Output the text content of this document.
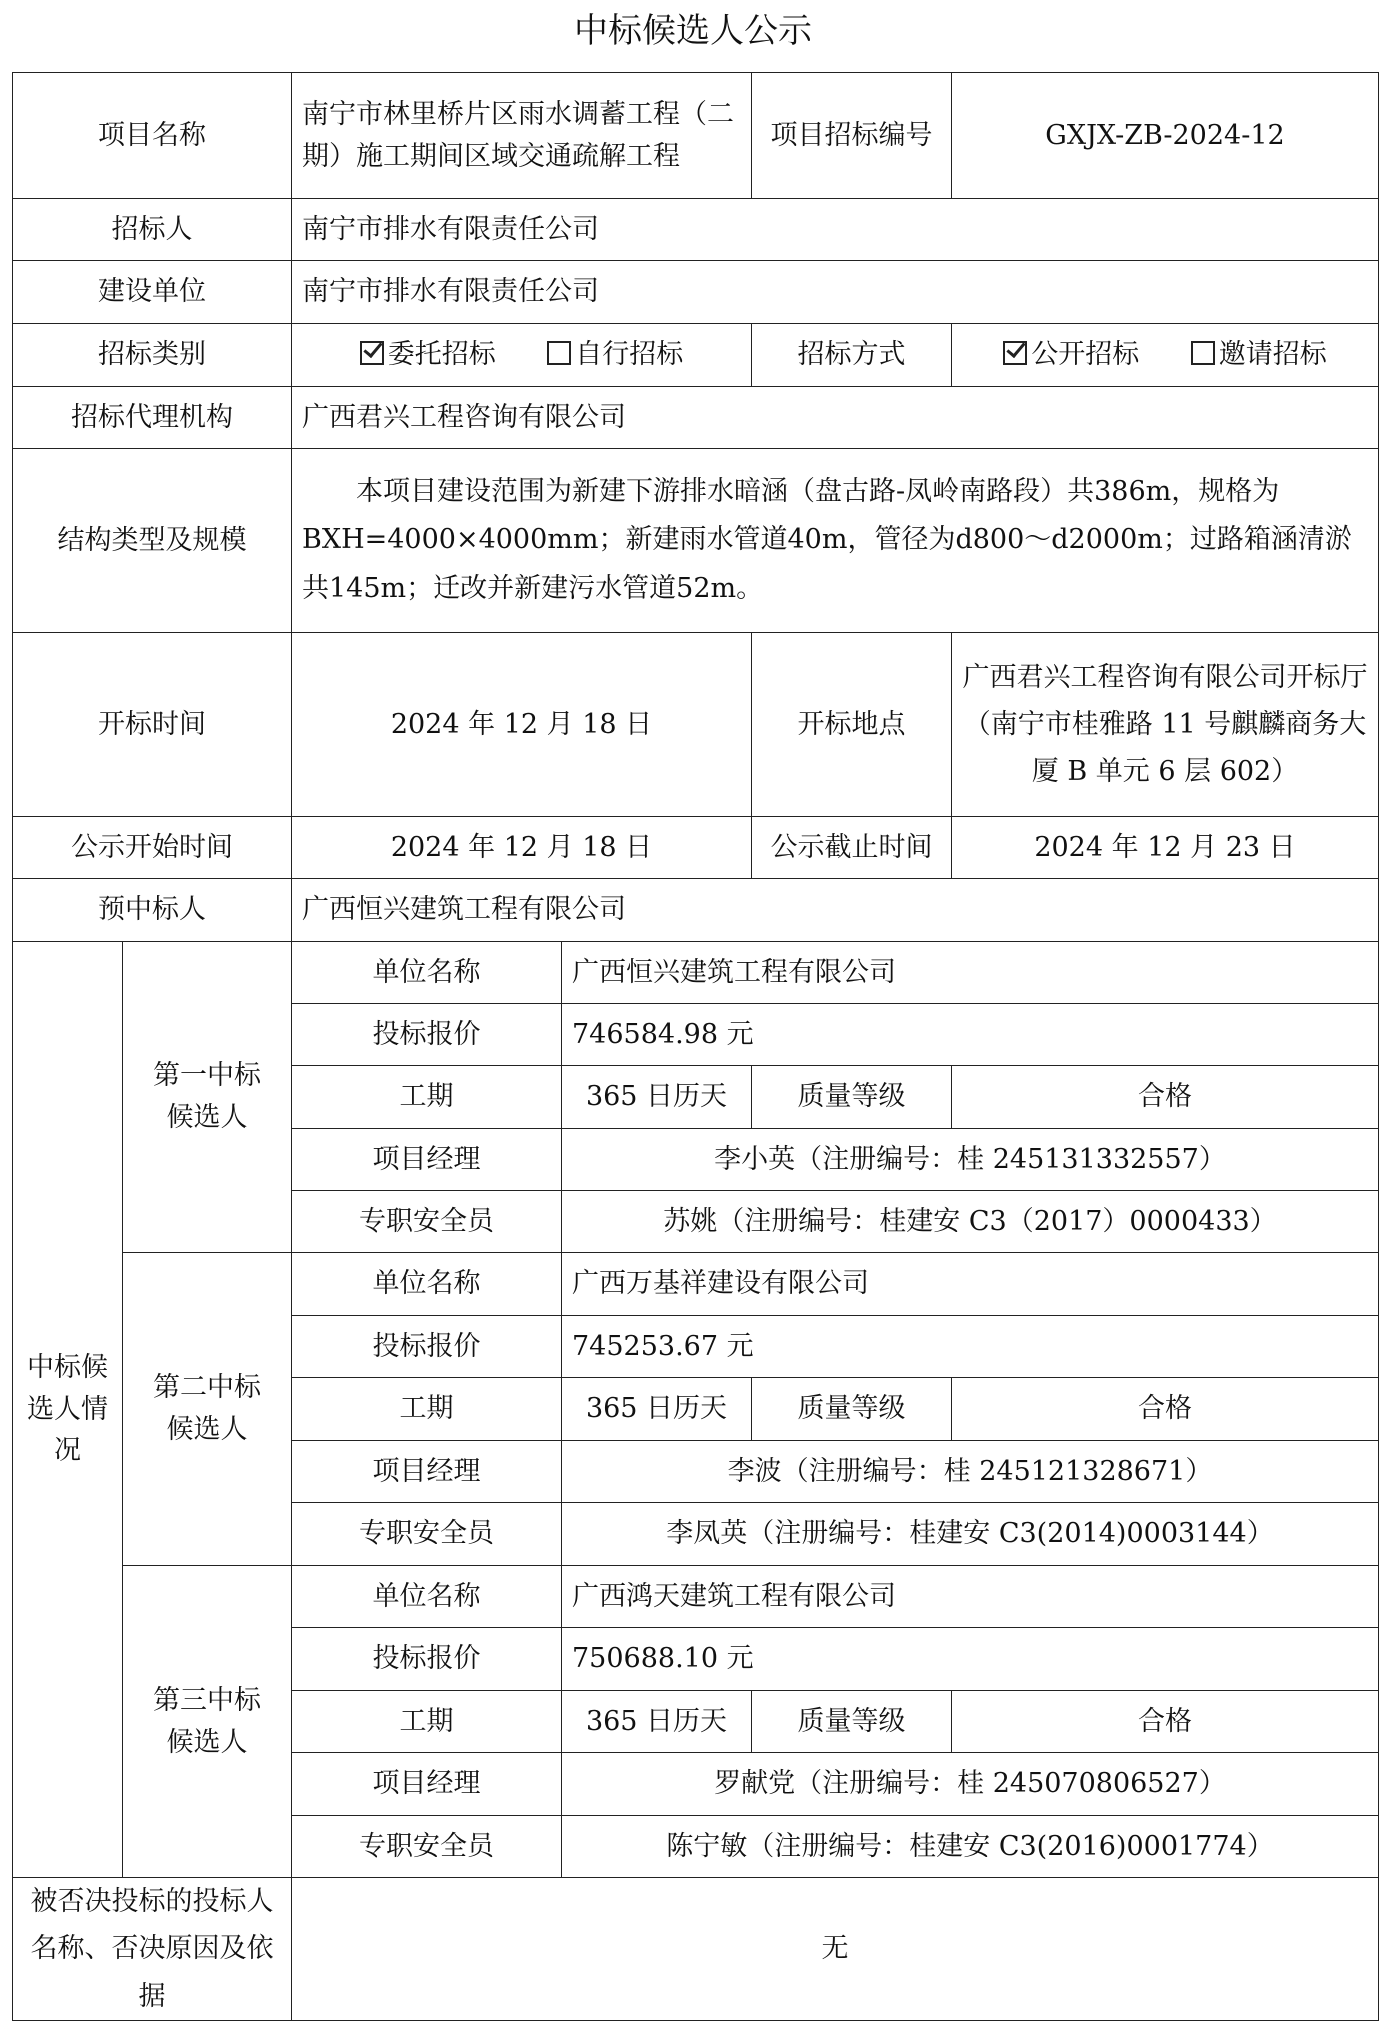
中标候选人公示
项目名称		南宁市林里桥片区雨水调蓄工程（二期）施工期间区域交通疏解工程		项目招标编号	GXJX-ZB-2024-12
招标人		南宁市排水有限责任公司			
建设单位		南宁市排水有限责任公司			
招标类别		委托招标 自行招标		招标方式	公开招标 邀请招标
招标代理机构		广西君兴工程咨询有限公司			
结构类型及规模		本项目建设范围为新建下游排水暗涵（盘古路-凤岭南路段）共386m，规格为BXH=4000×4000mm；新建雨水管道40m，管径为d800～d2000m；过路箱涵清淤共145m；迁改并新建污水管道52m。			

开标时间		2024 年 12 月 18 日		开标地点	广西君兴工程咨询有限公司开标厅（南宁市桂雅路 11 号麒麟商务大厦 B 单元 6 层 602）
公示开始时间		2024 年 12 月 18 日		公示截止时间	2024 年 12 月 23 日
预中标人		广西恒兴建筑工程有限公司			
中标候选人情况	第一中标候选人	单位名称	广西恒兴建筑工程有限公司		
		投标报价	746584.98 元		
		工期	365 日历天	质量等级	合格
		项目经理	李小英（注册编号：桂 245131332557）		
		专职安全员	苏姚（注册编号：桂建安 C3（2017）0000433）		
	第二中标候选人	单位名称	广西万基祥建设有限公司		
		投标报价	745253.67 元		
		工期	365 日历天	质量等级	合格
		项目经理	李波（注册编号：桂 245121328671）		
		专职安全员	李凤英（注册编号：桂建安 C3(2014)0003144）		
	第三中标候选人	单位名称	广西鸿天建筑工程有限公司		
		投标报价	750688.10 元		
		工期	365 日历天	质量等级	合格
		项目经理	罗献党（注册编号：桂 245070806527）		
		专职安全员	陈宁敏（注册编号：桂建安 C3(2016)0001774）		
被否决投标的投标人名称、否决原因及依据		无			
